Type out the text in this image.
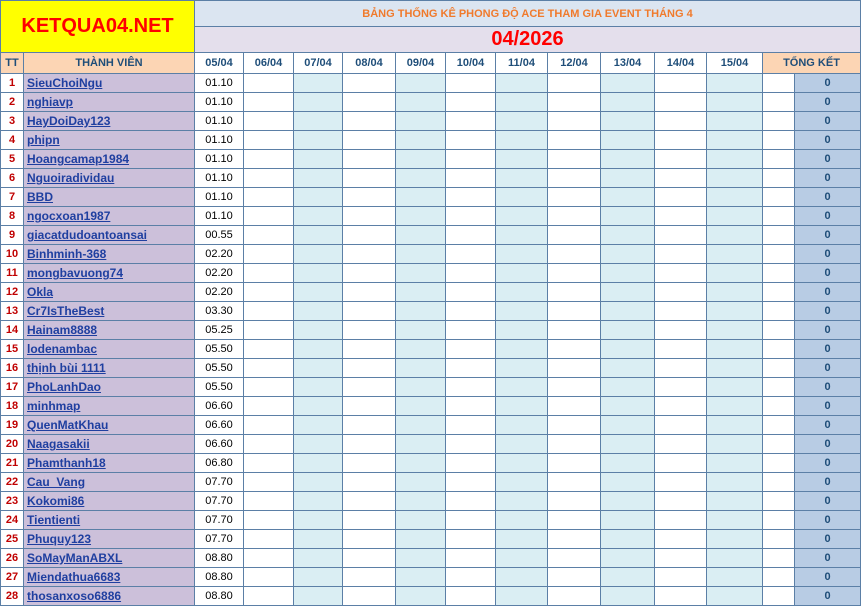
KETQUA04.NET		BẢNG THỐNG KÊ PHONG ĐỘ ACE THAM GIA EVENT THÁNG 4												
		04/2026												
TT	THÀNH VIÊN	05/04	06/04	07/04	08/04	09/04	10/04	11/04	12/04	13/04	14/04	15/04	TỔNG KẾT	
1	SieuChoiNgu	01.10												0
2	nghiavp	01.10												0
3	HayDoiDay123	01.10												0
4	phipn	01.10												0
5	Hoangcamap1984	01.10												0
6	Nguoiradividau	01.10												0
7	BBD	01.10												0
8	ngocxoan1987	01.10												0
9	giacatdudoantoansai	00.55												0
10	Binhminh-368	02.20												0
11	mongbavuong74	02.20												0
12	Okla	02.20												0
13	Cr7IsTheBest	03.30												0
14	Hainam8888	05.25												0
15	lodenambac	05.50												0
16	thịnh bùi 1111	05.50												0
17	PhoLanhDao	05.50												0
18	minhmap	06.60												0
19	QuenMatKhau	06.60												0
20	Naagasakii	06.60												0
21	Phamthanh18	06.80												0
22	Cau_Vang	07.70												0
23	Kokomi86	07.70												0
24	Tientienti	07.70												0
25	Phuquy123	07.70												0
26	SoMayManABXL	08.80												0
27	Miendathua6683	08.80												0
28	thosanxoso6886	08.80												0
